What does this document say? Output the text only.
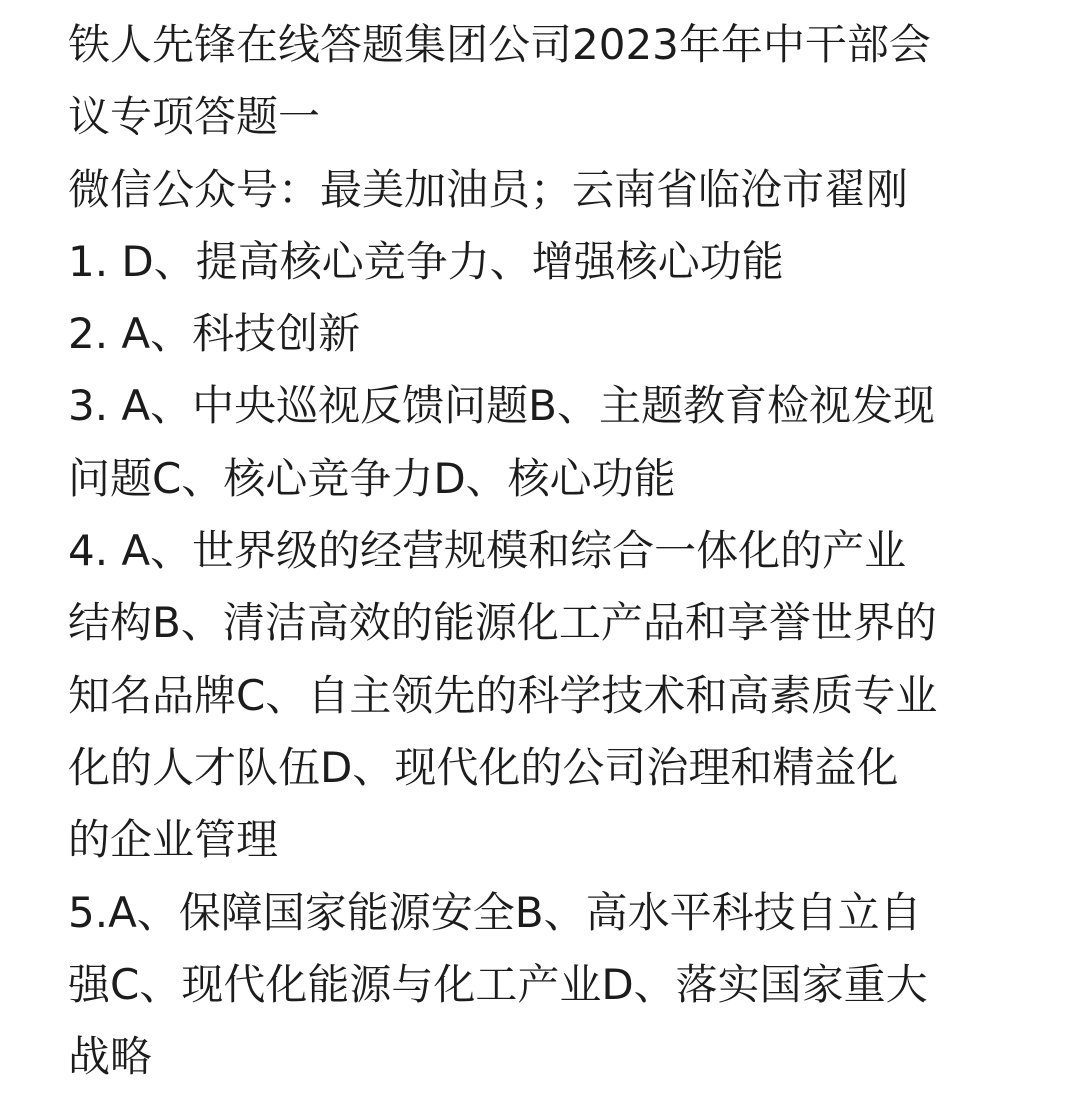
铁人先锋在线答题集团公司2023年年中干部会
议专项答题一
微信公众号：最美加油员；云南省临沧市翟刚
1. D、提高核心竞争力、增强核心功能
2. A、科技创新
3. A、中央巡视反馈问题B、主题教育检视发现
问题C、核心竞争力D、核心功能
4. A、世界级的经营规模和综合一体化的产业
结构B、清洁高效的能源化工产品和享誉世界的
知名品牌C、自主领先的科学技术和高素质专业
化的人才队伍D、现代化的公司治理和精益化
的企业管理
5.A、保障国家能源安全B、高水平科技自立自
强C、现代化能源与化工产业D、落实国家重大
战略
